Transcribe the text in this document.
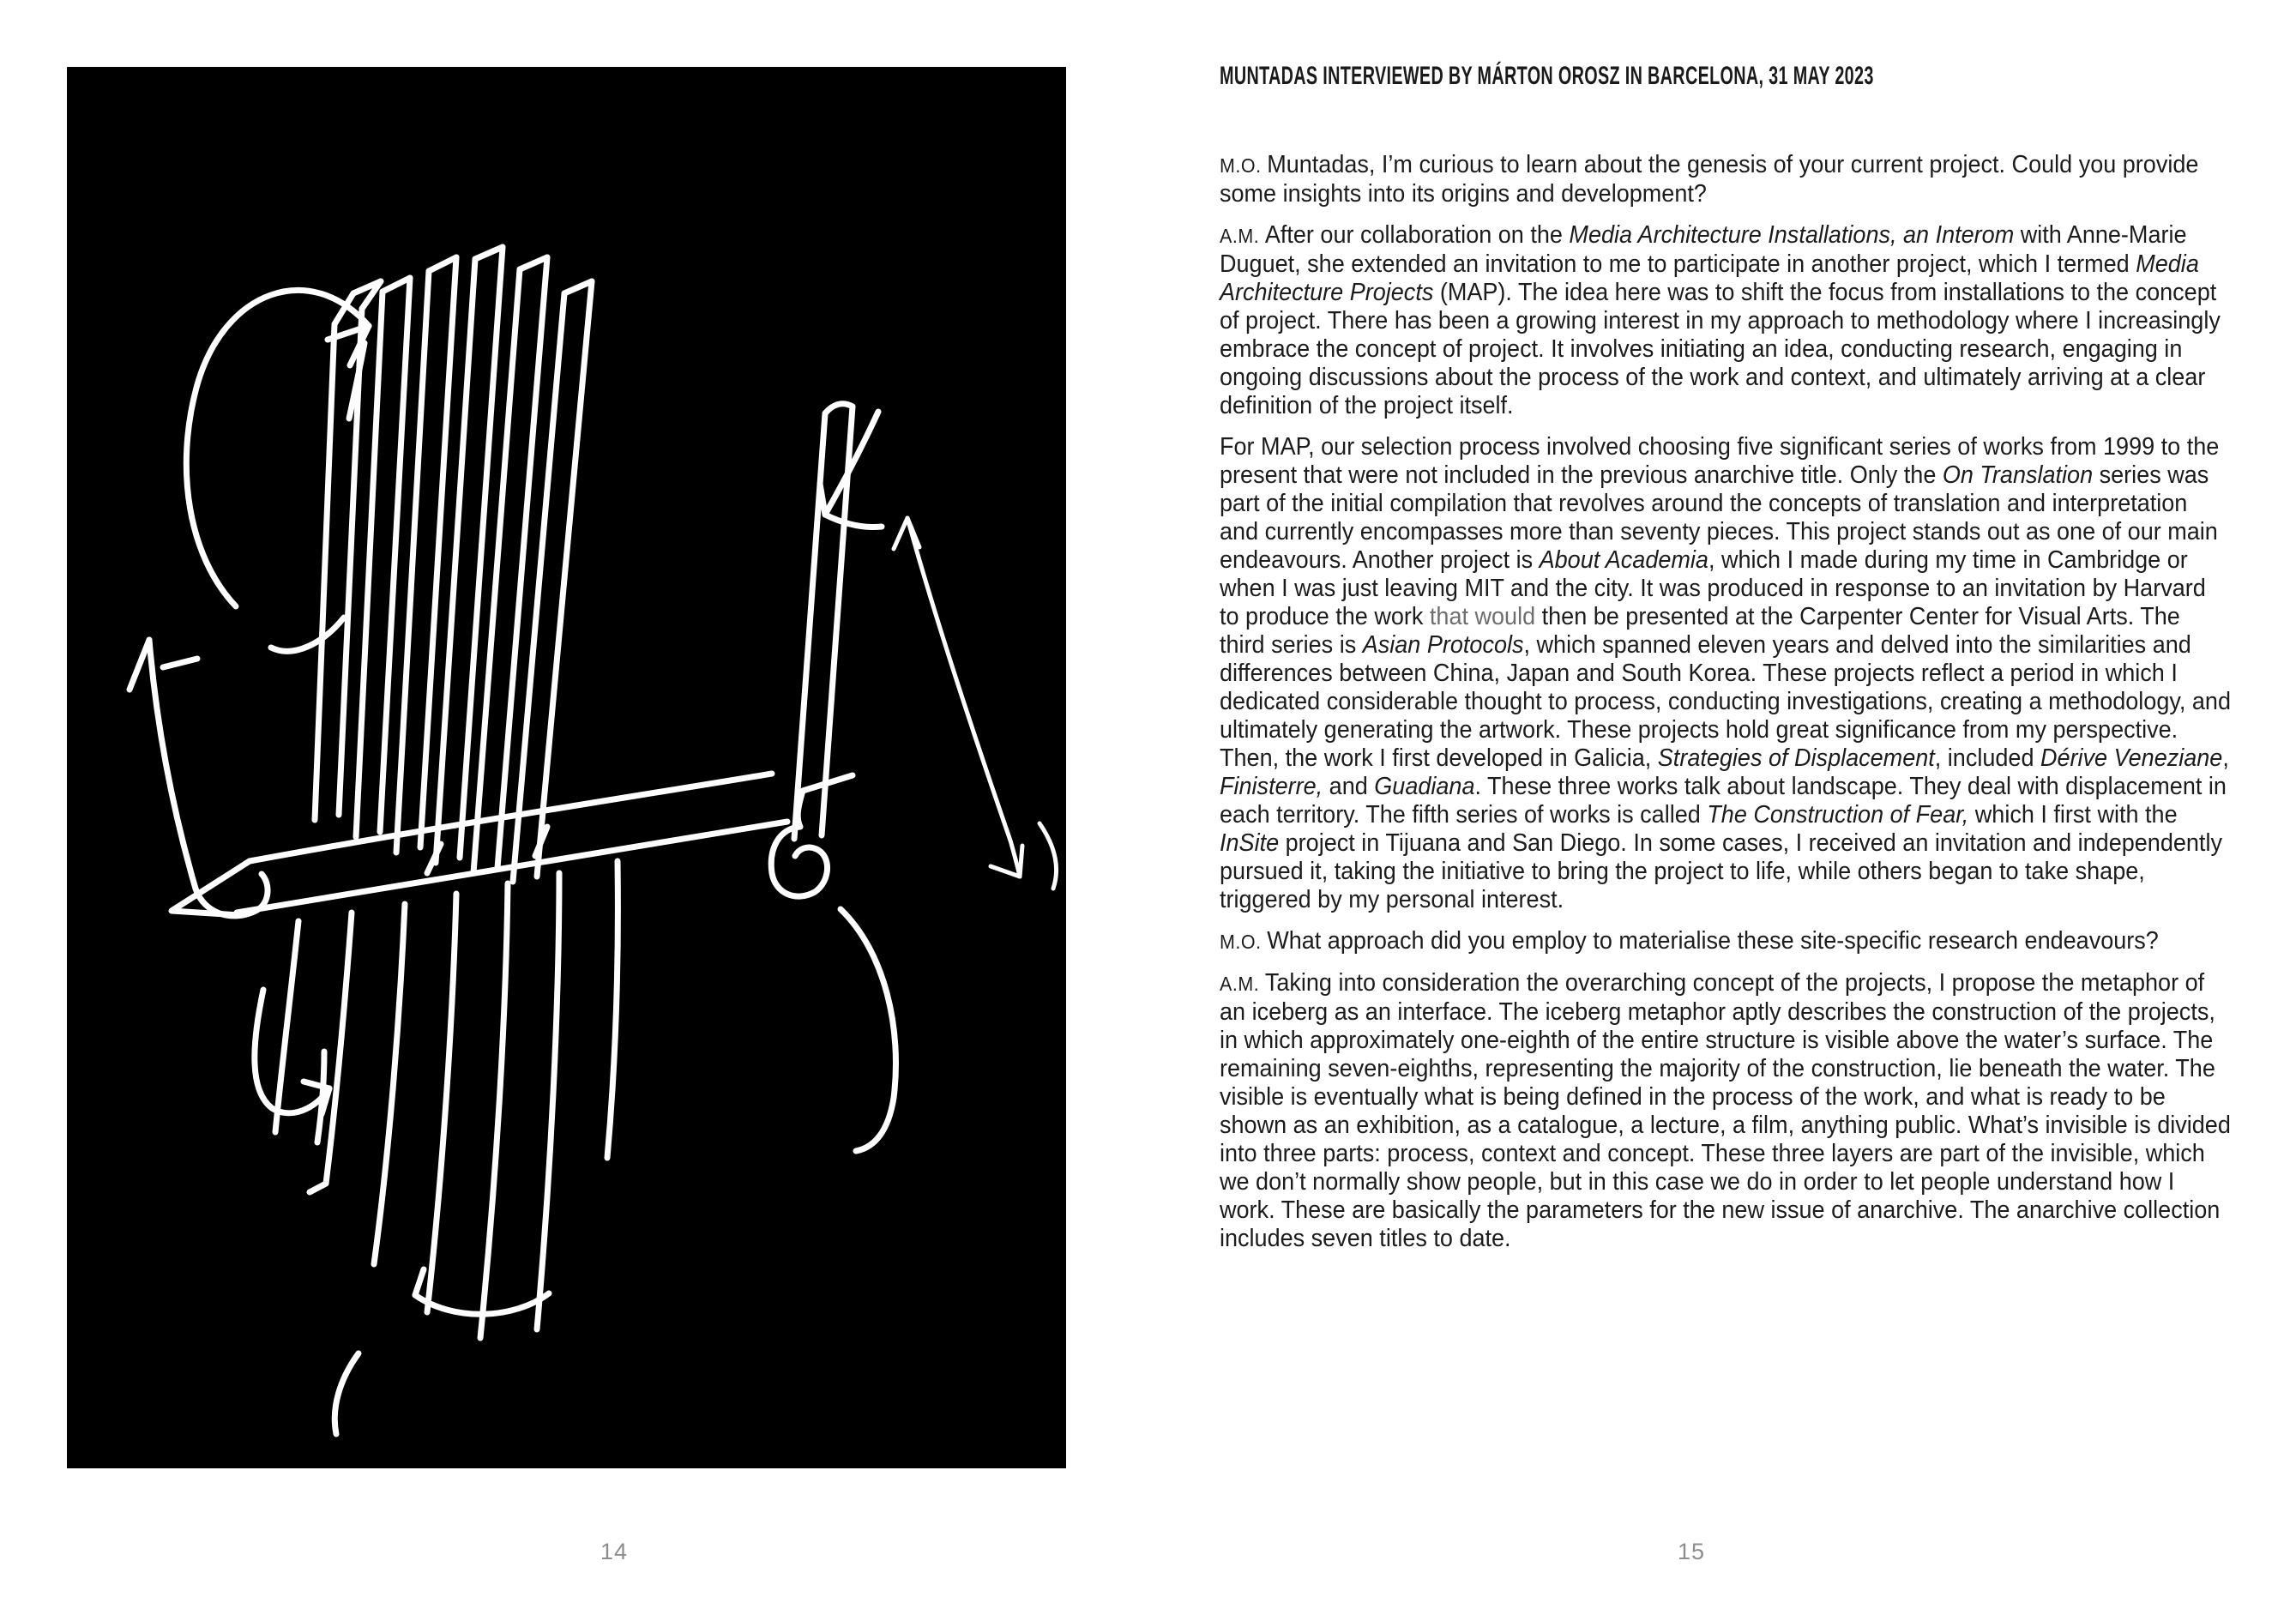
14
MUNTADAS INTERVIEWED BY MÁRTON OROSZ IN BARCELONA, 31 MAY 2023

M.O. Muntadas, I’m curious to learn about the genesis of your current project. Could you provide some insights into its origins and development?

A.M. After our collaboration on the Media Architecture Installations, an Interom with Anne-Marie Duguet, she extended an invitation to me to participate in another project, which I termed Media Architecture Projects (MAP). The idea here was to shift the focus from installations to the concept of project. There has been a growing interest in my approach to methodology where I increasingly embrace the concept of project. It involves initiating an idea, conducting research, engaging in ongoing discussions about the process of the work and context, and ultimately arriving at a clear definition of the project itself.

For MAP, our selection process involved choosing five significant series of works from 1999 to the present that were not included in the previous anarchive title. Only the On Translation series was part of the initial compilation that revolves around the concepts of translation and interpretation and currently encompasses more than seventy pieces. This project stands out as one of our main endeavours. Another project is About Academia, which I made during my time in Cambridge or when I was just leaving MIT and the city. It was produced in response to an invitation by Harvard to produce the work that would then be presented at the Carpenter Center for Visual Arts. The third series is Asian Protocols, which spanned eleven years and delved into the similarities and differences between China, Japan and South Korea. These projects reflect a period in which I dedicated considerable thought to process, conducting investigations, creating a methodology, and ultimately generating the artwork. These projects hold great significance from my perspective. Then, the work I first developed in Galicia, Strategies of Displacement, included Dérive Veneziane, Finisterre, and Guadiana. These three works talk about landscape. They deal with displacement in each territory. The fifth series of works is called The Construction of Fear, which I first with the InSite project in Tijuana and San Diego. In some cases, I received an invitation and independently pursued it, taking the initiative to bring the project to life, while others began to take shape, triggered by my personal interest.

M.O. What approach did you employ to materialise these site-specific research endeavours?

A.M. Taking into consideration the overarching concept of the projects, I propose the metaphor of an iceberg as an interface. The iceberg metaphor aptly describes the construction of the projects, in which approximately one-eighth of the entire structure is visible above the water’s surface. The remaining seven-eighths, representing the majority of the construction, lie beneath the water. The visible is eventually what is being defined in the process of the work, and what is ready to be shown as an exhibition, as a catalogue, a lecture, a film, anything public. What’s invisible is divided into three parts: process, context and concept. These three layers are part of the invisible, which we don’t normally show people, but in this case we do in order to let people understand how I work. These are basically the parameters for the new issue of anarchive. The anarchive collection includes seven titles to date.

15
